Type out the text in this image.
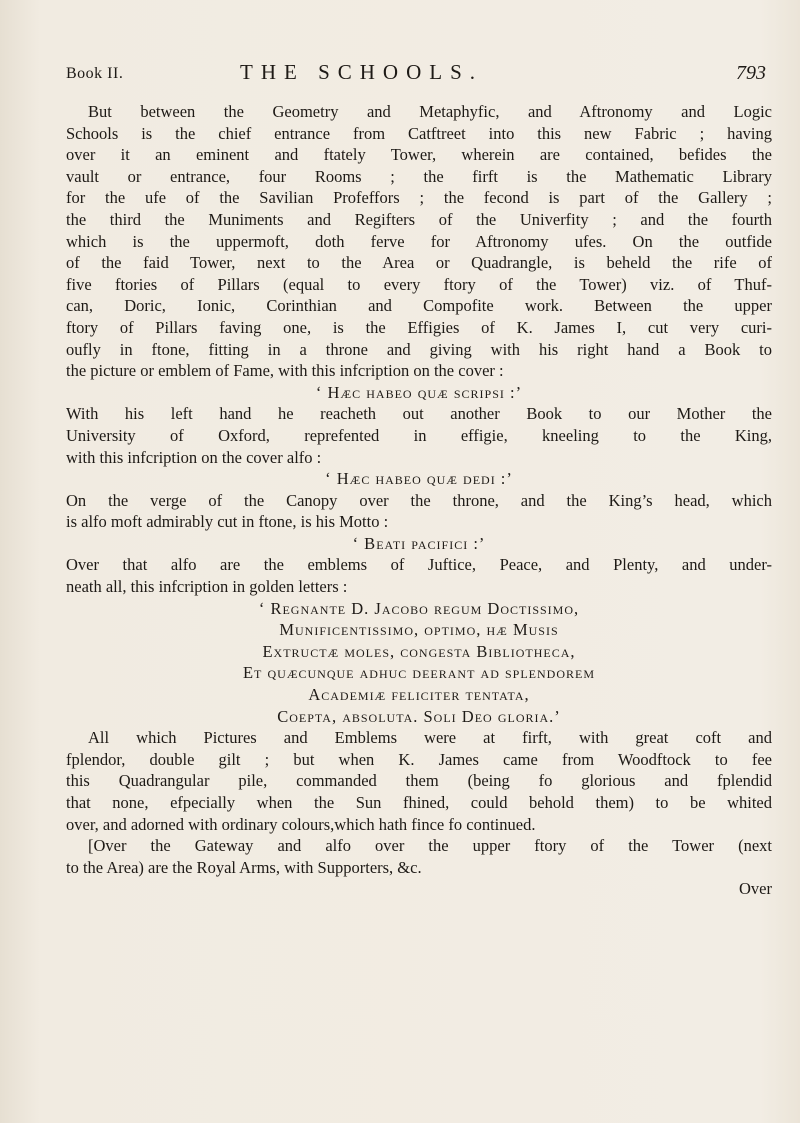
Book II.	THE SCHOOLS.	793
But between the Geometry and Metaphyfic, and Aftronomy and Logic
Schools is the chief entrance from Catftreet into this new Fabric ; having
over it an eminent and ftately Tower, wherein are contained, befides the
vault or entrance, four Rooms ; the firft is the Mathematic Library
for the ufe of the Savilian Profeffors ; the fecond is part of the Gallery ;
the third the Muniments and Regifters of the Univerfity ; and the fourth
which is the uppermoft, doth ferve for Aftronomy ufes. On the outfide
of the faid Tower, next to the Area or Quadrangle, is beheld the rife of
five ftories of Pillars (equal to every ftory of the Tower) viz. of Thuf-
can, Doric, Ionic, Corinthian and Compofite work. Between the upper
ftory of Pillars faving one, is the Effigies of K. James I, cut very curi-
oufly in ftone, fitting in a throne and giving with his right hand a Book to
the picture or emblem of Fame, with this infcription on the cover :
‘ Hæc habeo quæ scripsi :’
With his left hand he reacheth out another Book to our Mother the
University of Oxford, reprefented in effigie, kneeling to the King,
with this infcription on the cover alfo :
‘ Hæc habeo quæ dedi :’
On the verge of the Canopy over the throne, and the King’s head, which
is alfo moft admirably cut in ftone, is his Motto :
‘ Beati pacifici :’
Over that alfo are the emblems of Juftice, Peace, and Plenty, and under-
neath all, this infcription in golden letters :
‘ Regnante D. Jacobo regum Doctissimo,
Munificentissimo, optimo, hæ Musis
Extructæ moles, congesta Bibliotheca,
Et quæcunque adhuc deerant ad splendorem
Academiæ feliciter tentata,
Coepta, absoluta. Soli Deo gloria.’
All which Pictures and Emblems were at firft, with great coft and
fplendor, double gilt ; but when K. James came from Woodftock to fee
this Quadrangular pile, commanded them (being fo glorious and fplendid
that none, efpecially when the Sun fhined, could behold them) to be whited
over, and adorned with ordinary colours,which hath fince fo continued.
[Over the Gateway and alfo over the upper ftory of the Tower (next
to the Area) are the Royal Arms, with Supporters, &c.
Over
